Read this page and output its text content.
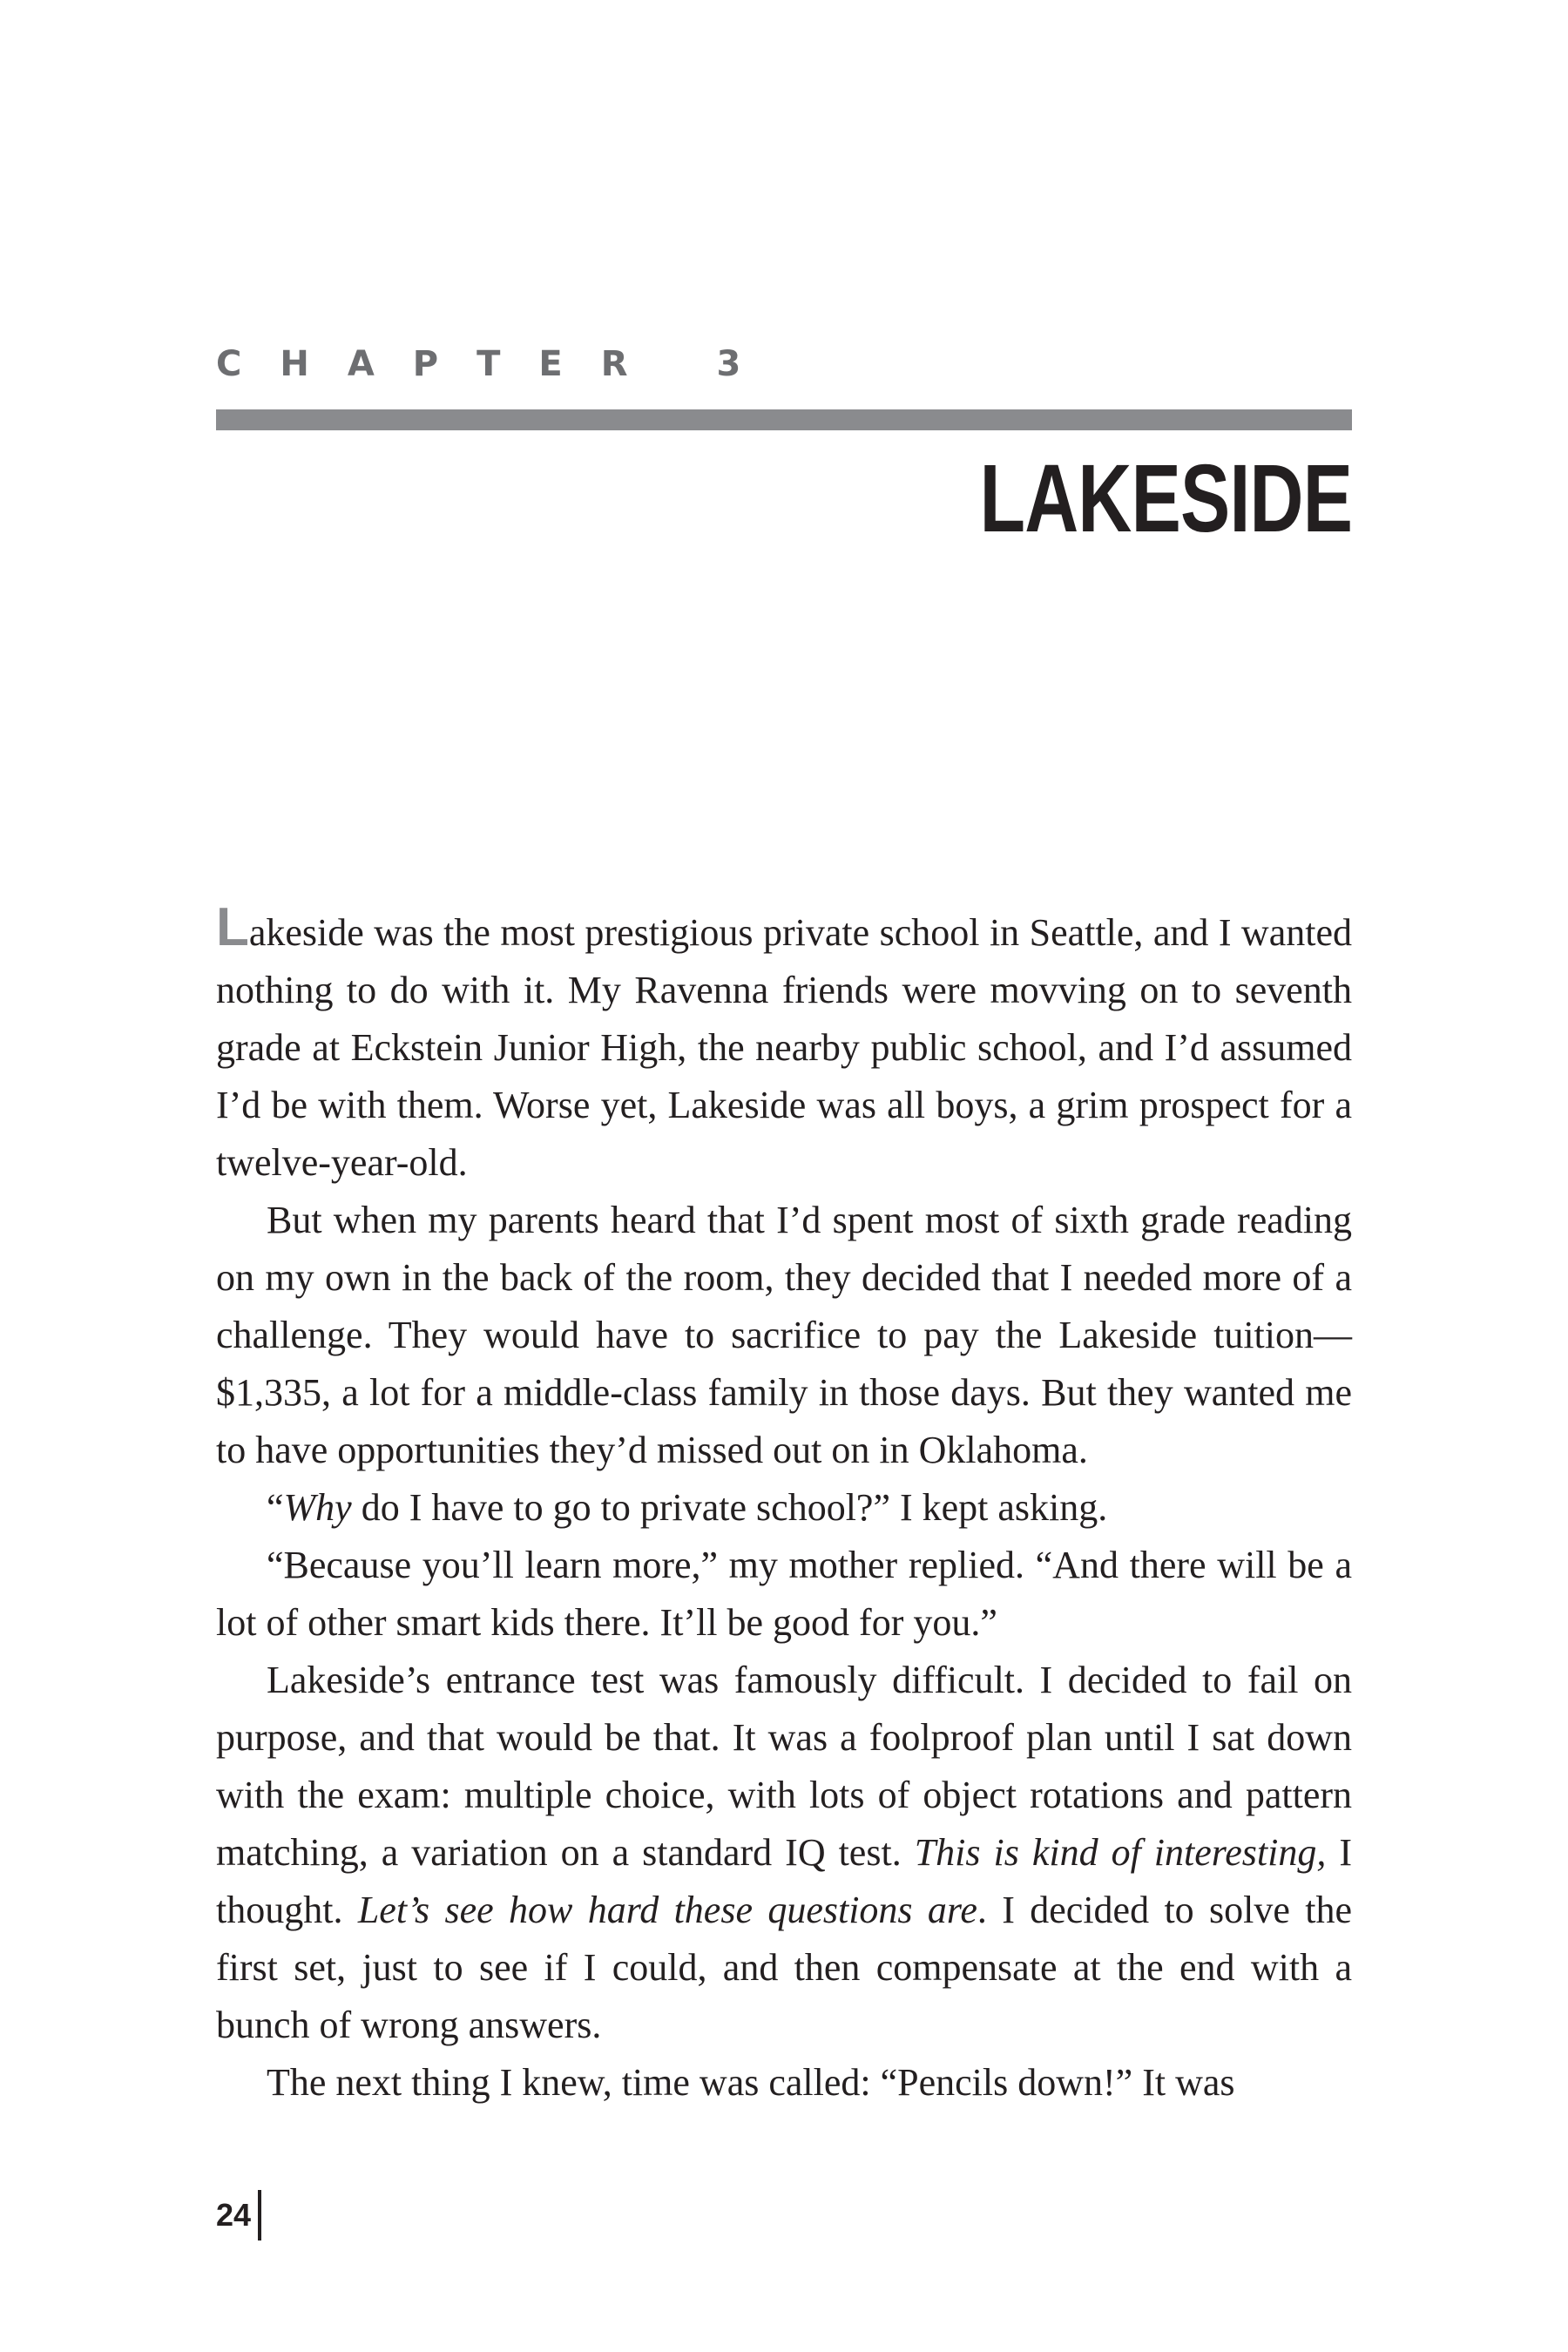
CHAPTER 3
LAKESIDE

Lakeside was the most prestigious private school in Seattle, and I wanted nothing to do with it. My Ravenna friends were movving on to seventh grade at Eckstein Junior High, the nearby public school, and I’d assumed I’d be with them. Worse yet, Lakeside was all boys, a grim prospect for a twelve-year-old.

But when my parents heard that I’d spent most of sixth grade reading on my own in the back of the room, they decided that I needed more of a challenge. They would have to sacrifice to pay the Lakeside tuition—$1,335, a lot for a middle-class family in those days. But they wanted me to have opportunities they’d missed out on in Oklahoma.

“Why do I have to go to private school?” I kept asking.

“Because you’ll learn more,” my mother replied. “And there will be a lot of other smart kids there. It’ll be good for you.”

Lakeside’s entrance test was famously difficult. I decided to fail on purpose, and that would be that. It was a foolproof plan until I sat down with the exam: multiple choice, with lots of object rotations and pattern matching, a variation on a standard IQ test. This is kind of interesting, I thought. Let’s see how hard these questions are. I decided to solve the first set, just to see if I could, and then compensate at the end with a bunch of wrong answers.

The next thing I knew, time was called: “Pencils down!” It was

24
